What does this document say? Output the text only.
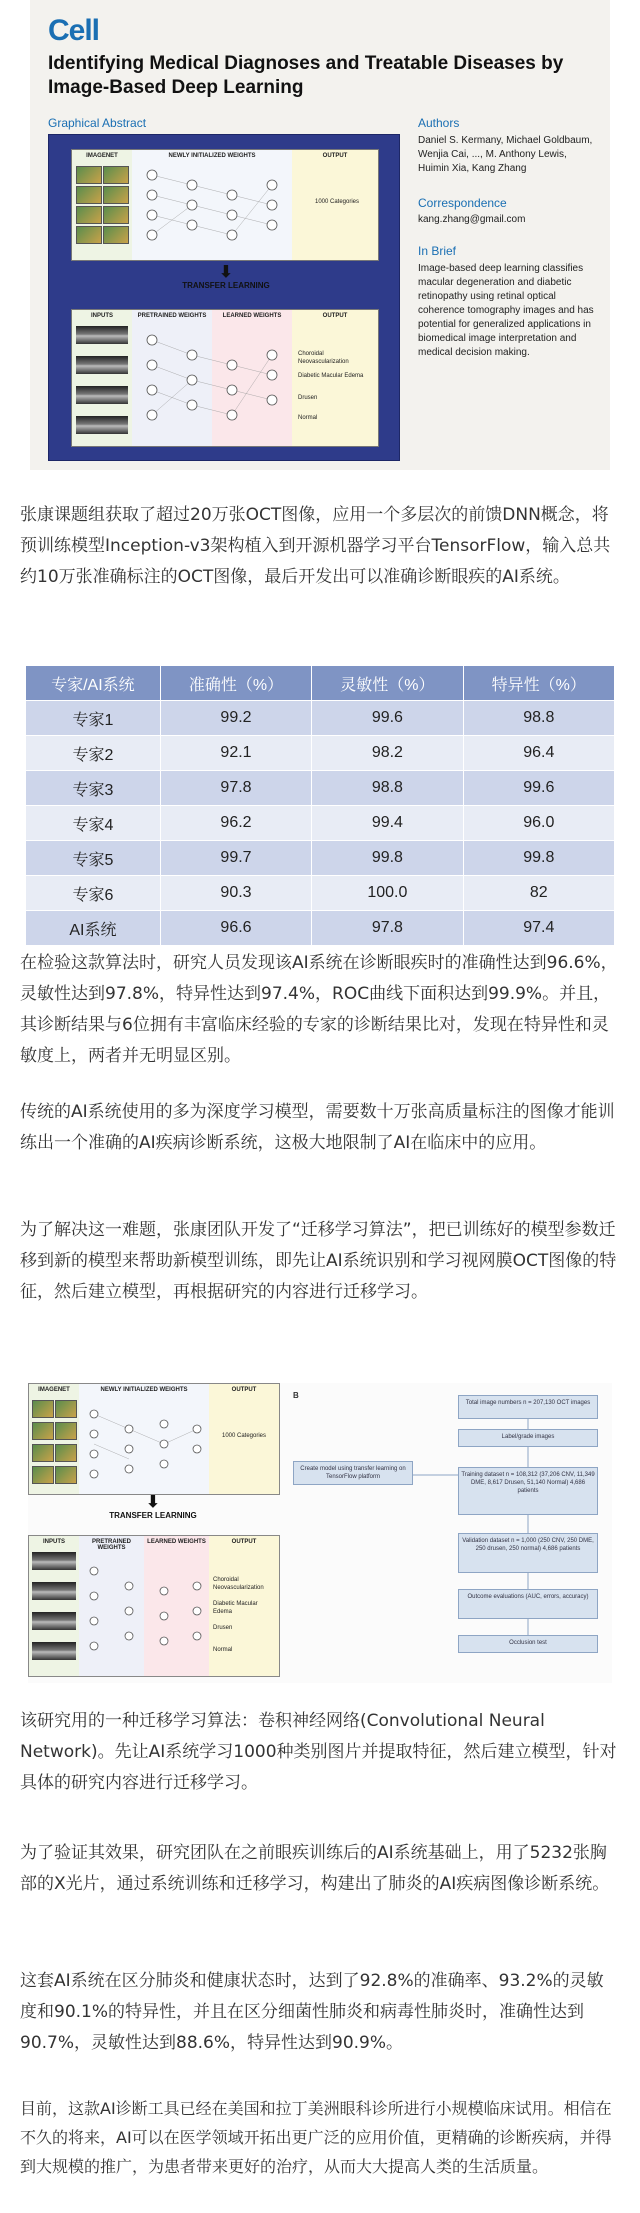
Cell
Identifying Medical Diagnoses and Treatable Diseases by Image-Based Deep Learning
Graphical Abstract
IMAGENET	NEWLY INITIALIZED WEIGHTS	OUTPUT
1000 Categories
⬇
TRANSFER LEARNING
INPUTS	PRETRAINED WEIGHTS	LEARNED WEIGHTS	OUTPUT
Choroidal Neovascularization
Diabetic Macular Edema
Drusen
Normal
Authors
Daniel S. Kermany, Michael Goldbaum, Wenjia Cai, ..., M. Anthony Lewis, Huimin Xia, Kang Zhang
Correspondence
kang.zhang@gmail.com
In Brief
Image-based deep learning classifies macular degeneration and diabetic retinopathy using retinal optical coherence tomography images and has potential for generalized applications in biomedical image interpretation and medical decision making.

张康课题组获取了超过20万张OCT图像，应用一个多层次的前馈DNN概念，将预训练模型Inception-v3架构植入到开源机器学习平台TensorFlow，输入总共约10万张准确标注的OCT图像，最后开发出可以准确诊断眼疾的AI系统。

专家/AI系统	准确性（%）	灵敏性（%）	特异性（%）
专家1	99.2	99.6	98.8
专家2	92.1	98.2	96.4
专家3	97.8	98.8	99.6
专家4	96.2	99.4	96.0
专家5	99.7	99.8	99.8
专家6	90.3	100.0	82
AI系统	96.6	97.8	97.4

在检验这款算法时，研究人员发现该AI系统在诊断眼疾时的准确性达到96.6%，灵敏性达到97.8%，特异性达到97.4%，ROC曲线下面积达到99.9%。并且，其诊断结果与6位拥有丰富临床经验的专家的诊断结果比对，发现在特异性和灵敏度上，两者并无明显区别。

传统的AI系统使用的多为深度学习模型，需要数十万张高质量标注的图像才能训练出一个准确的AI疾病诊断系统，这极大地限制了AI在临床中的应用。

为了解决这一难题，张康团队开发了“迁移学习算法”，把已训练好的模型参数迁移到新的模型来帮助新模型训练，即先让AI系统识别和学习视网膜OCT图像的特征，然后建立模型，再根据研究的内容进行迁移学习。

IMAGENET	NEWLY INITIALIZED WEIGHTS	OUTPUT
1000 Categories
⬇
TRANSFER LEARNING
INPUTS	PRETRAINED WEIGHTS
LEARNED WEIGHTS	OUTPUT
Choroidal Neovascularization
Diabetic Macular Edema
Drusen
Normal
B
Create model using transfer learning on TensorFlow platform
Total image numbers n = 207,130 OCT images
Label/grade images
Training dataset n = 108,312 (37,206 CNV, 11,349 DME, 8,617 Drusen, 51,140 Normal) 4,686 patients
Validation dataset n = 1,000 (250 CNV, 250 DME, 250 drusen, 250 normal) 4,686 patients
Outcome evaluations (AUC, errors, accuracy)
Occlusion test

该研究用的一种迁移学习算法：卷积神经网络(Convolutional Neural Network)。先让AI系统学习1000种类别图片并提取特征，然后建立模型，针对具体的研究内容进行迁移学习。

为了验证其效果，研究团队在之前眼疾训练后的AI系统基础上，用了5232张胸部的X光片，通过系统训练和迁移学习，构建出了肺炎的AI疾病图像诊断系统。

这套AI系统在区分肺炎和健康状态时，达到了92.8%的准确率、93.2%的灵敏度和90.1%的特异性，并且在区分细菌性肺炎和病毒性肺炎时，准确性达到90.7%，灵敏性达到88.6%，特异性达到90.9%。

目前，这款AI诊断工具已经在美国和拉丁美洲眼科诊所进行小规模临床试用。相信在不久的将来，AI可以在医学领域开拓出更广泛的应用价值，更精确的诊断疾病，并得到大规模的推广，为患者带来更好的治疗，从而大大提高人类的生活质量。
